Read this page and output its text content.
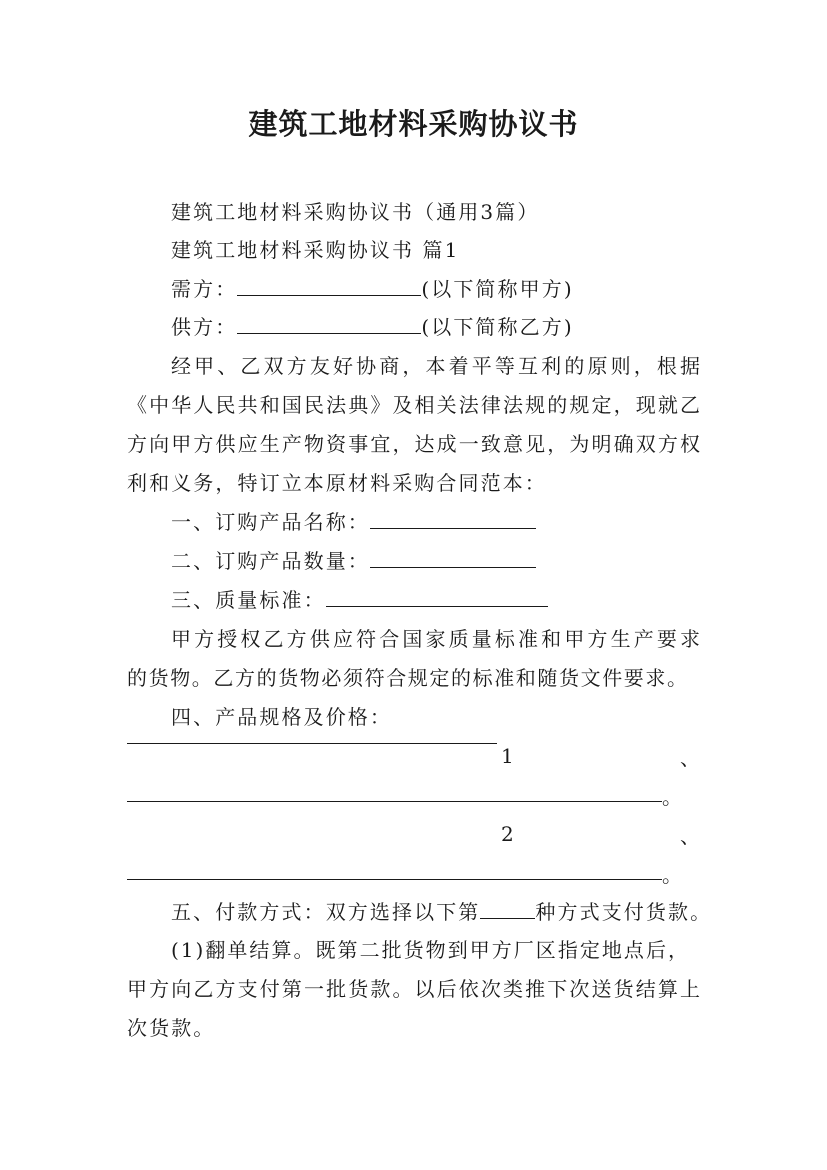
建筑工地材料采购协议书
建筑工地材料采购协议书（通用3篇）
建筑工地材料采购协议书 篇1
需方：	(以下简称甲方)
供方：	(以下简称乙方)
经甲、乙双方友好协商，本着平等互利的原则，根据
《中华人民共和国民法典》及相关法律法规的规定，现就乙
方向甲方供应生产物资事宜，达成一致意见，为明确双方权
利和义务，特订立本原材料采购合同范本：
一、订购产品名称：
二、订购产品数量：
三、质量标准：
甲方授权乙方供应符合国家质量标准和甲方生产要求
的货物。乙方的货物必须符合规定的标准和随货文件要求。
四、产品规格及价格：
1	、
。
2	、
。
五、付款方式：双方选择以下第	种方式支付货款。
(1)翻单结算。既第二批货物到甲方厂区指定地点后，
甲方向乙方支付第一批货款。以后依次类推下次送货结算上
次货款。
